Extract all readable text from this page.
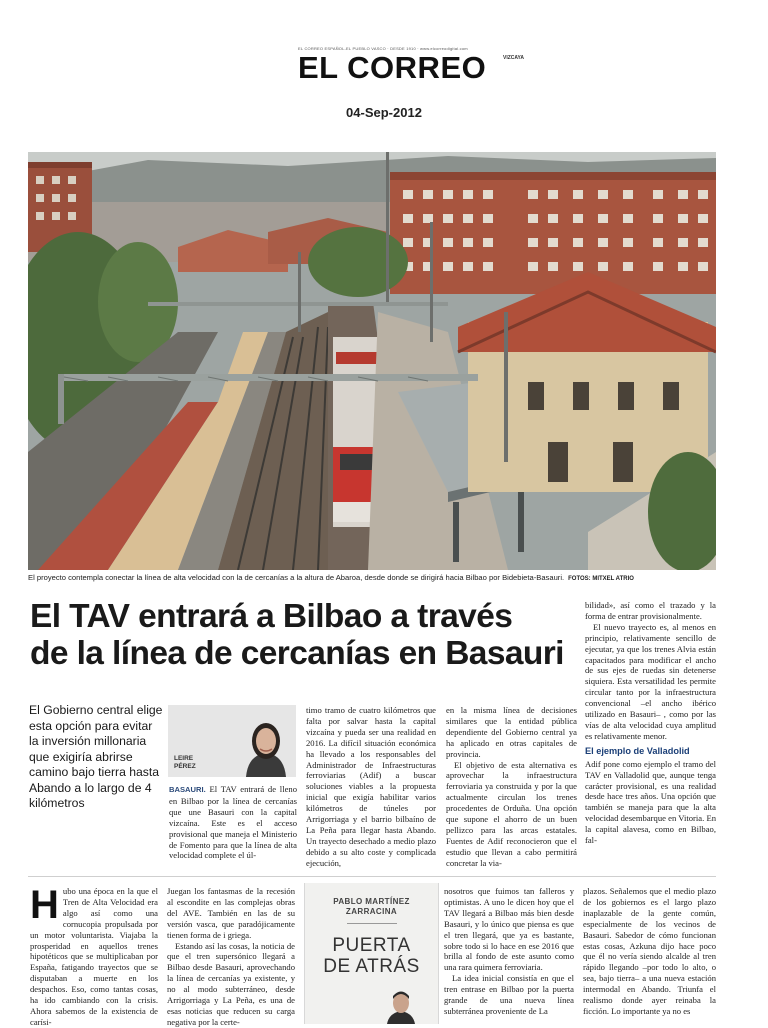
EL CORREO ESPAÑOL-EL PUEBLO VASCO · DESDE 1910 · www.elcorreodigital.com
EL CORREO	VIZCAYA
04-Sep-2012
El proyecto contempla conectar la línea de alta velocidad con la de cercanías a la altura de Abaroa, desde donde se dirigirá hacia Bilbao por Bidebieta-Basauri. FOTOS: MITXEL ATRIO
El TAV entrará a Bilbao a través
de la línea de cercanías en Basauri
El Gobierno central elige esta opción para evitar la inversión millonaria que exigiría abrirse camino bajo tierra hasta Abando a lo largo de 4 kilómetros
LEIRE
PÉREZ

BASAURI. El TAV entrará de lleno en Bilbao por la línea de cercanías que une Basauri con la capital vizcaína. Este es el acceso provisional que maneja el Ministerio de Fomento para que la línea de alta velocidad complete el úl-

timo tramo de cuatro kilómetros que falta por salvar hasta la capital vizcaína y pueda ser una realidad en 2016. La difícil situación económica ha llevado a los responsables del Administrador de Infraestructuras ferroviarias (Adif) a buscar soluciones viables a la propuesta inicial que exigía habilitar varios kilómetros de túneles por Arrigorriaga y el barrio bilbaíno de La Peña para llegar hasta Abando. Un trayecto desechado a medio plazo debido a su alto coste y complicada ejecución,

en la misma línea de decisiones similares que la entidad pública dependiente del Gobierno central ya ha aplicado en otras capitales de provincia.

El objetivo de esta alternativa es aprovechar la infraestructura ferroviaria ya construida y por la que actualmente circulan los trenes procedentes de Orduña. Una opción que supone el ahorro de un buen pellizco para las arcas estatales. Fuentes de Adif reconocieron que el estudio que llevan a cabo permitirá concretar la via-

bilidad», así como el trazado y la forma de entrar provisionalmente.

El nuevo trayecto es, al menos en principio, relativamente sencillo de ejecutar, ya que los trenes Alvia están capacitados para modificar el ancho de sus ejes de ruedas sin detenerse siquiera. Esta versatilidad les permite circular tanto por la infraestructura convencional –el ancho ibérico utilizado en Basauri– , como por las vías de alta velocidad cuya amplitud es relativamente menor.

El ejemplo de Valladolid

Adif pone como ejemplo el tramo del TAV en Valladolid que, aunque tenga carácter provisional, es una realidad desde hace tres años. Una opción que también se maneja para que la alta velocidad desembarque en Vitoria. En la capital alavesa, como en Bilbao, fal-

Hubo una época en la que el Tren de Alta Velocidad era algo así como una cornucopia propulsada por un motor voluntarista. Viajaba la prosperidad en aquellos trenes hipotéticos que se multiplicaban por España, fatigando trayectos que se disputaban a muerte en los despachos. Eso, como tantas cosas, ha ido cambiando con la crisis. Ahora sabemos de la existencia de carísi-

Juegan los fantasmas de la recesión al escondite en las complejas obras del AVE. También en las de su versión vasca, que paradójicamente tienen forma de i griega.

Estando así las cosas, la noticia de que el tren supersónico llegará a Bilbao desde Basauri, aprovechando la línea de cercanías ya existente, y no al modo subterráneo, desde Arrigorriaga y La Peña, es una de esas noticias que reducen su carga negativa por la certe-

PABLO MARTÍNEZ
ZARRACINA
PUERTA
DE ATRÁS

nosotros que fuimos tan falleros y optimistas. A uno le dicen hoy que el TAV llegará a Bilbao más bien desde Basauri, y lo único que piensa es que el tren llegará, que ya es bastante, sobre todo si lo hace en ese 2016 que brilla al fondo de este asunto como una rara quimera ferroviaria.

La idea inicial consistía en que el tren entrase en Bilbao por la puerta grande de una nueva línea subterránea proveniente de La

plazos. Señalemos que el medio plazo de los gobiernos es el largo plazo inaplazable de la gente común, especialmente de los vecinos de Basauri. Sabedor de cómo funcionan estas cosas, Azkuna dijo hace poco que él no vería siendo alcalde al tren rápido llegando –por todo lo alto, o sea, bajo tierra– a una nueva estación intermodal en Abando. Triunfa el realismo donde ayer reinaba la ficción. Lo importante ya no es
